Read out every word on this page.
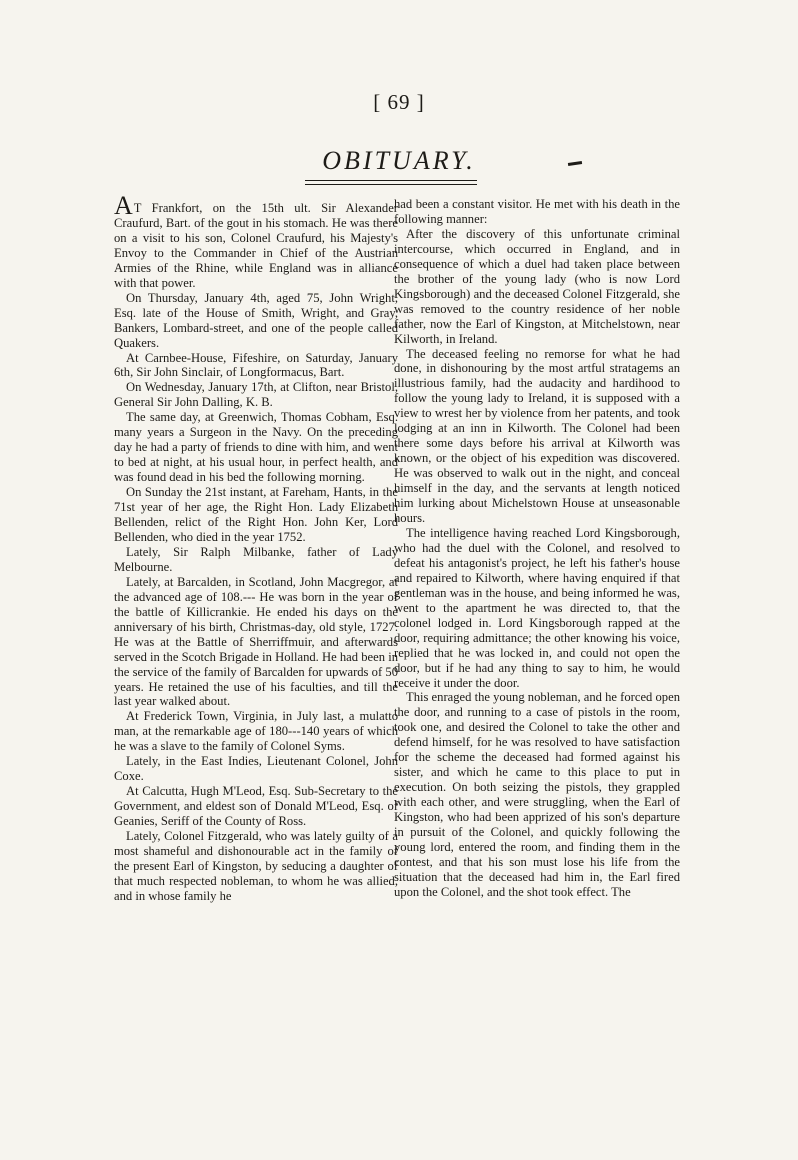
[ 69 ]
OBITUARY.

AT Frankfort, on the 15th ult. Sir Alexander Craufurd, Bart. of the gout in his stomach. He was there on a visit to his son, Colonel Craufurd, his Majesty's Envoy to the Commander in Chief of the Austrian Armies of the Rhine, while England was in alliance with that power.

On Thursday, January 4th, aged 75, John Wright, Esq. late of the House of Smith, Wright, and Gray, Bankers, Lombard-street, and one of the people called Quakers.

At Carnbee-House, Fifeshire, on Saturday, January 6th, Sir John Sinclair, of Longformacus, Bart.

On Wednesday, January 17th, at Clifton, near Bristol, General Sir John Dalling, K. B.

The same day, at Greenwich, Thomas Cobham, Esq. many years a Surgeon in the Navy. On the preceding day he had a party of friends to dine with him, and went to bed at night, at his usual hour, in perfect health, and was found dead in his bed the following morning.

On Sunday the 21st instant, at Fareham, Hants, in the 71st year of her age, the Right Hon. Lady Elizabeth Bellenden, relict of the Right Hon. John Ker, Lord Bellenden, who died in the year 1752.

Lately, Sir Ralph Milbanke, father of Lady Melbourne.

Lately, at Barcalden, in Scotland, John Macgregor, at the advanced age of 108.--- He was born in the year of the battle of Killicrankie. He ended his days on the anniversary of his birth, Christmas-day, old style, 1727. He was at the Battle of Sherriffmuir, and afterwards served in the Scotch Brigade in Holland. He had been in the service of the family of Barcalden for upwards of 50 years. He retained the use of his faculties, and till the last year walked about.

At Frederick Town, Virginia, in July last, a mulatto man, at the remarkable age of 180---140 years of which he was a slave to the family of Colonel Syms.

Lately, in the East Indies, Lieutenant Colonel, John Coxe.

At Calcutta, Hugh M'Leod, Esq. Sub-Secretary to the Government, and eldest son of Donald M'Leod, Esq. of Geanies, Seriff of the County of Ross.

Lately, Colonel Fitzgerald, who was lately guilty of a most shameful and dishonourable act in the family of the present Earl of Kingston, by seducing a daughter of that much respected nobleman, to whom he was allied, and in whose family he

had been a constant visitor. He met with his death in the following manner:

After the discovery of this unfortunate criminal intercourse, which occurred in England, and in consequence of which a duel had taken place between the brother of the young lady (who is now Lord Kingsborough) and the deceased Colonel Fitzgerald, she was removed to the country residence of her noble father, now the Earl of Kingston, at Mitchelstown, near Kilworth, in Ireland.

The deceased feeling no remorse for what he had done, in dishonouring by the most artful stratagems an illustrious family, had the audacity and hardihood to follow the young lady to Ireland, it is supposed with a view to wrest her by violence from her patents, and took lodging at an inn in Kilworth. The Colonel had been there some days before his arrival at Kilworth was known, or the object of his expedition was discovered. He was observed to walk out in the night, and conceal himself in the day, and the servants at length noticed him lurking about Michelstown House at unseasonable hours.

The intelligence having reached Lord Kingsborough, who had the duel with the Colonel, and resolved to defeat his antagonist's project, he left his father's house and repaired to Kilworth, where having enquired if that gentleman was in the house, and being informed he was, went to the apartment he was directed to, that the colonel lodged in. Lord Kingsborough rapped at the door, requiring admittance; the other knowing his voice, replied that he was locked in, and could not open the door, but if he had any thing to say to him, he would receive it under the door.

This enraged the young nobleman, and he forced open the door, and running to a case of pistols in the room, took one, and desired the Colonel to take the other and defend himself, for he was resolved to have satisfaction for the scheme the deceased had formed against his sister, and which he came to this place to put in execution. On both seizing the pistols, they grappled with each other, and were struggling, when the Earl of Kingston, who had been apprized of his son's departure in pursuit of the Colonel, and quickly following the young lord, entered the room, and finding them in the contest, and that his son must lose his life from the situation that the deceased had him in, the Earl fired upon the Colonel, and the shot took effect. The
